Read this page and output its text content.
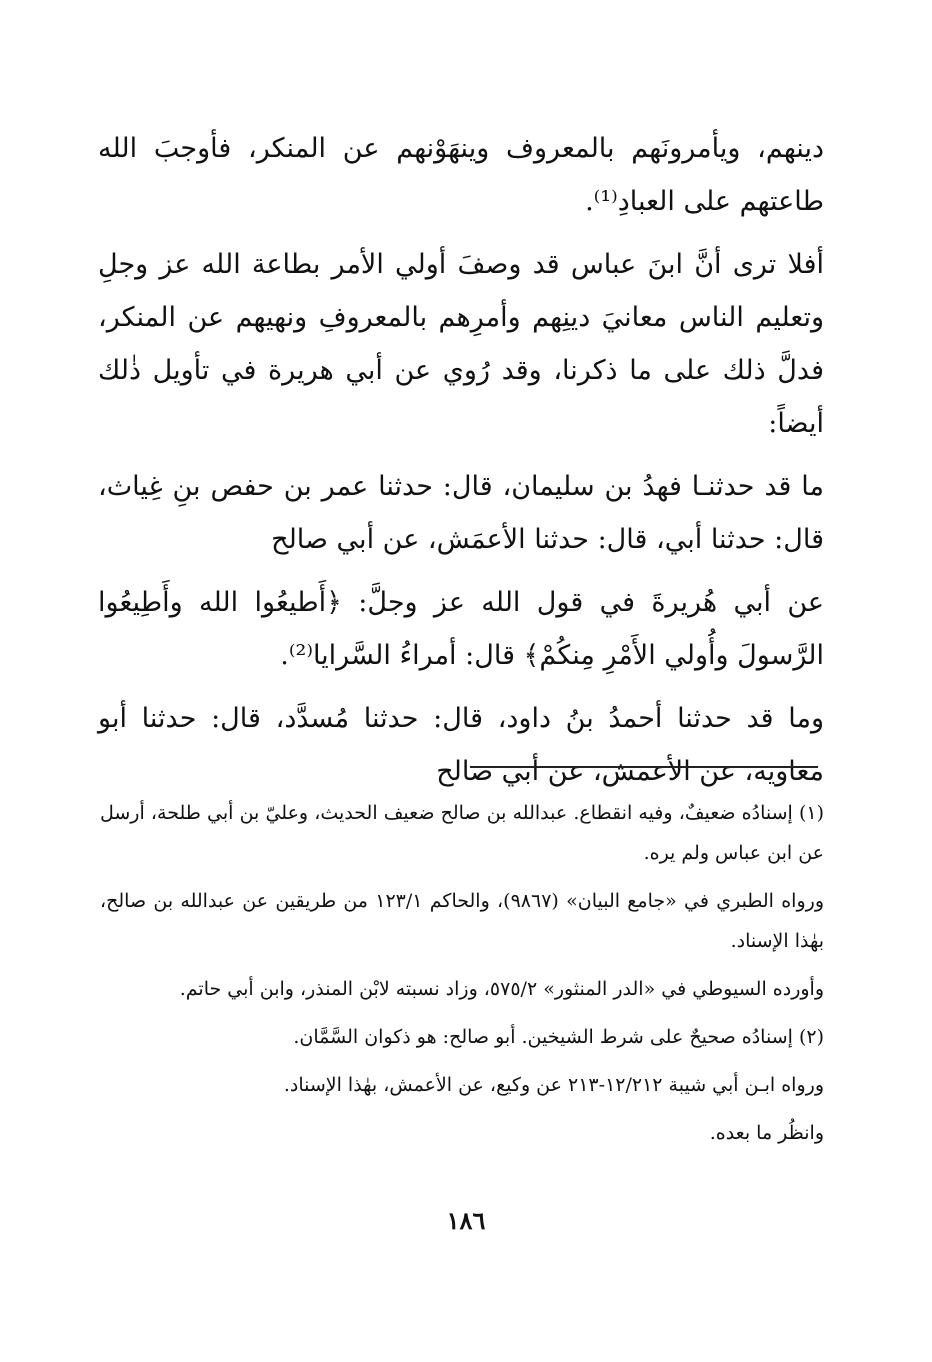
دينهم، ويأمرونَهم بالمعروف وينهَوْنهم عن المنكر، فأوجبَ الله طاعتهم على العبادِ⁽¹⁾.

أفلا ترى أنَّ ابنَ عباس قد وصفَ أولي الأمر بطاعة الله عز وجلِ وتعليم الناس معانيَ دينِهم وأمرِهم بالمعروفِ ونهيهم عن المنكر، فدلَّ ذلك على ما ذكرنا، وقد رُوي عن أبي هريرة في تأويل ذٰلك أيضاً:

ما قد حدثنـا فهدُ بن سليمان، قال: حدثنا عمر بن حفص بنِ غِياث، قال: حدثنا أبي، قال: حدثنا الأعمَش، عن أبي صالح

عن أبي هُريرةَ في قول الله عز وجلَّ: ﴿أَطيعُوا الله وأَطِيعُوا الرَّسولَ وأُولي الأَمْرِ مِنكُمْ﴾ قال: أمراءُ السَّرايا⁽²⁾.

وما قد حدثنا أحمدُ بنُ داود، قال: حدثنا مُسدَّد، قال: حدثنا أبو معاوية، عن الأعمش، عن أبي صالح

(١) إسنادُه ضعيفٌ، وفيه انقطاع. عبدالله بن صالح ضعيف الحديث، وعليّ بن أبي طلحة، أرسل عن ابن عباس ولم يره.

ورواه الطبري في «جامع البيان» (٩٨٦٧)، والحاكم ١٢٣/١ من طريقين عن عبدالله بن صالح، بهٰذا الإسناد.

وأورده السيوطي في «الدر المنثور» ٥٧٥/٢، وزاد نسبته لابْن المنذر، وابن أبي حاتم.

(٢) إسنادُه صحيحٌ على شرط الشيخين. أبو صالح: هو ذكوان السَّمَّان.

ورواه ابـن أبي شيبة ١٢/٢١٢-٢١٣ عن وكيع، عن الأعمش، بهٰذا الإسناد.

وانظُر ما بعده.

١٨٦
